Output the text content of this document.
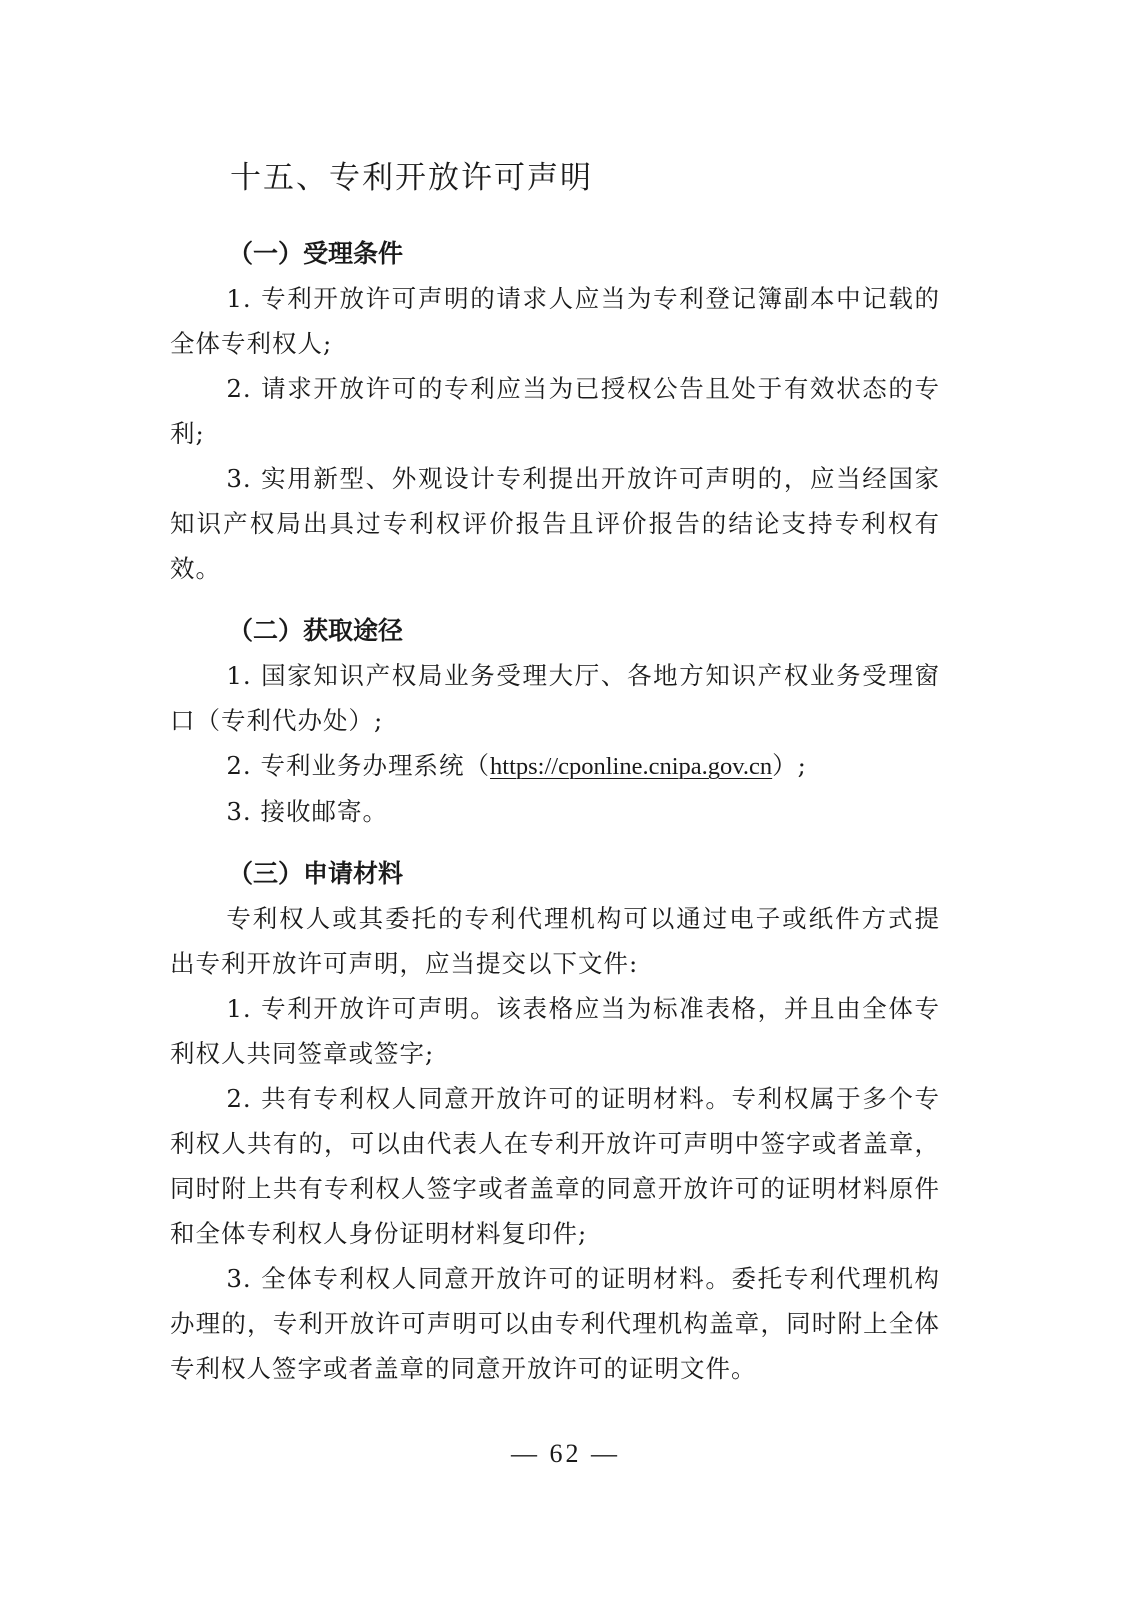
十五、专利开放许可声明
（一）受理条件

1. 专利开放许可声明的请求人应当为专利登记簿副本中记载的全体专利权人;

2. 请求开放许可的专利应当为已授权公告且处于有效状态的专利;

3. 实用新型、外观设计专利提出开放许可声明的，应当经国家知识产权局出具过专利权评价报告且评价报告的结论支持专利权有效。

（二）获取途径

1. 国家知识产权局业务受理大厅、各地方知识产权业务受理窗口（专利代办处）;

2. 专利业务办理系统（https://cponline.cnipa.gov.cn）;

3. 接收邮寄。

（三）申请材料

专利权人或其委托的专利代理机构可以通过电子或纸件方式提出专利开放许可声明，应当提交以下文件:

1. 专利开放许可声明。该表格应当为标准表格，并且由全体专利权人共同签章或签字;

2. 共有专利权人同意开放许可的证明材料。专利权属于多个专利权人共有的，可以由代表人在专利开放许可声明中签字或者盖章，同时附上共有专利权人签字或者盖章的同意开放许可的证明材料原件和全体专利权人身份证明材料复印件;

3. 全体专利权人同意开放许可的证明材料。委托专利代理机构办理的，专利开放许可声明可以由专利代理机构盖章，同时附上全体专利权人签字或者盖章的同意开放许可的证明文件。

— 62 —
